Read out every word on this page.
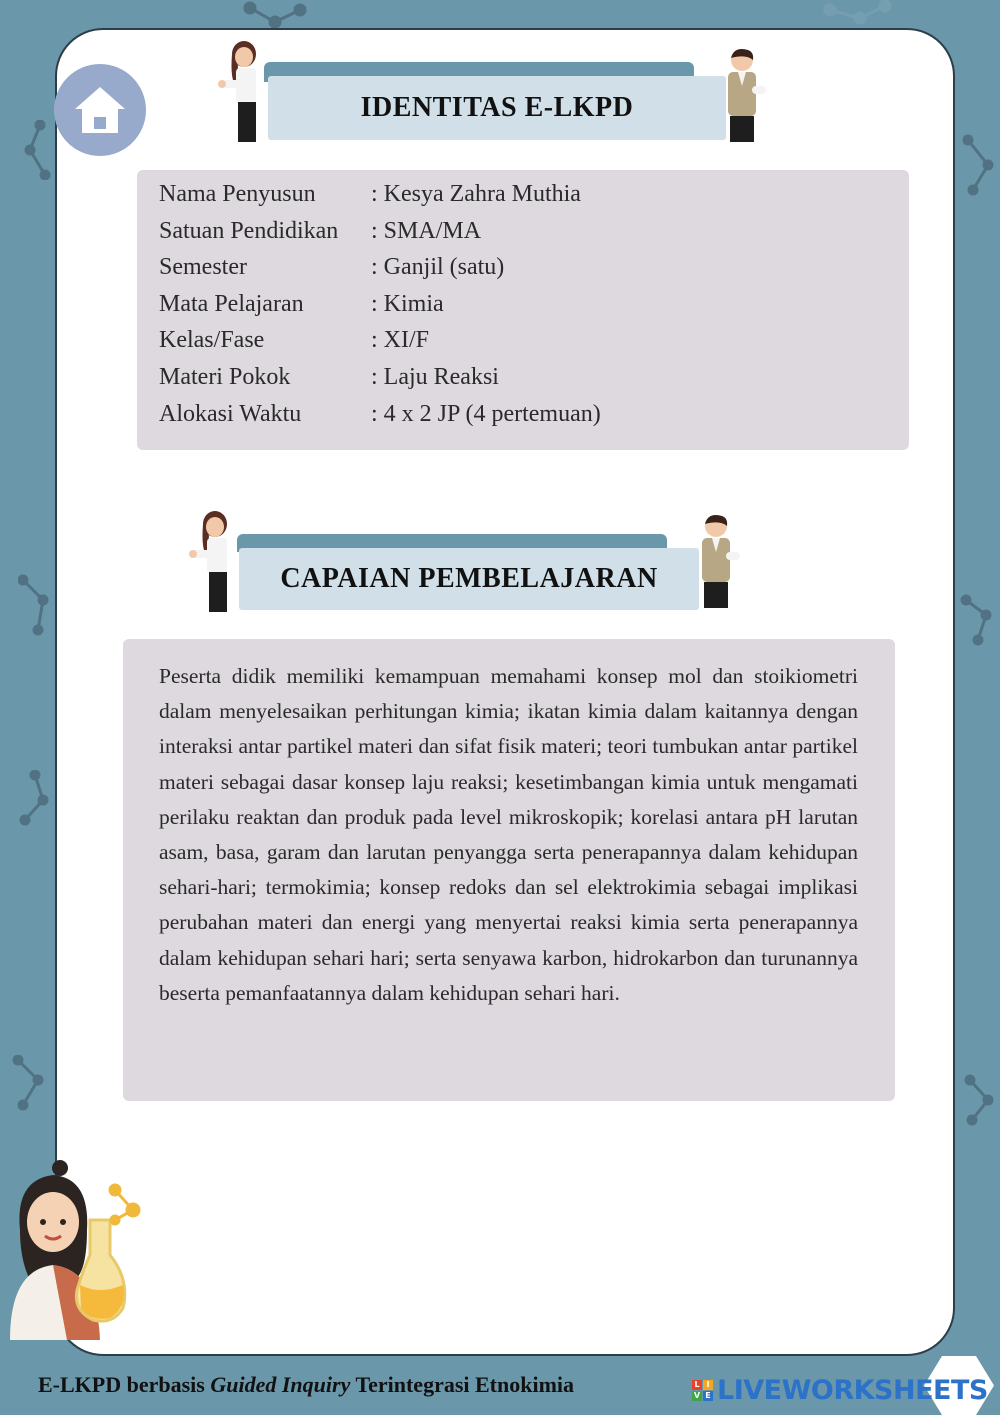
IDENTITAS E-LKPD
Nama Penyusun	: Kesya Zahra Muthia
Satuan Pendidikan	: SMA/MA
Semester	: Ganjil (satu)
Mata Pelajaran	: Kimia
Kelas/Fase	: XI/F
Materi Pokok	: Laju Reaksi
Alokasi Waktu	: 4 x 2 JP (4 pertemuan)
CAPAIAN PEMBELAJARAN

Peserta didik memiliki kemampuan memahami konsep mol dan stoikiometri dalam menyelesaikan perhitungan kimia; ikatan kimia dalam kaitannya dengan interaksi antar partikel materi dan sifat fisik materi; teori tumbukan antar partikel materi sebagai dasar konsep laju reaksi; kesetimbangan kimia untuk mengamati perilaku reaktan dan produk pada level mikroskopik; korelasi antara pH larutan asam, basa, garam dan larutan penyangga serta penerapannya dalam kehidupan sehari-hari; termokimia; konsep redoks dan sel elektrokimia sebagai implikasi perubahan materi dan energi yang menyertai reaksi kimia serta penerapannya dalam kehidupan sehari hari; serta senyawa karbon, hidrokarbon dan turunannya beserta pemanfaatannya dalam kehidupan sehari hari.

E-LKPD berbasis Guided Inquiry Terintegrasi Etnokimia	L I
V E LIVEWORKSHEETS
